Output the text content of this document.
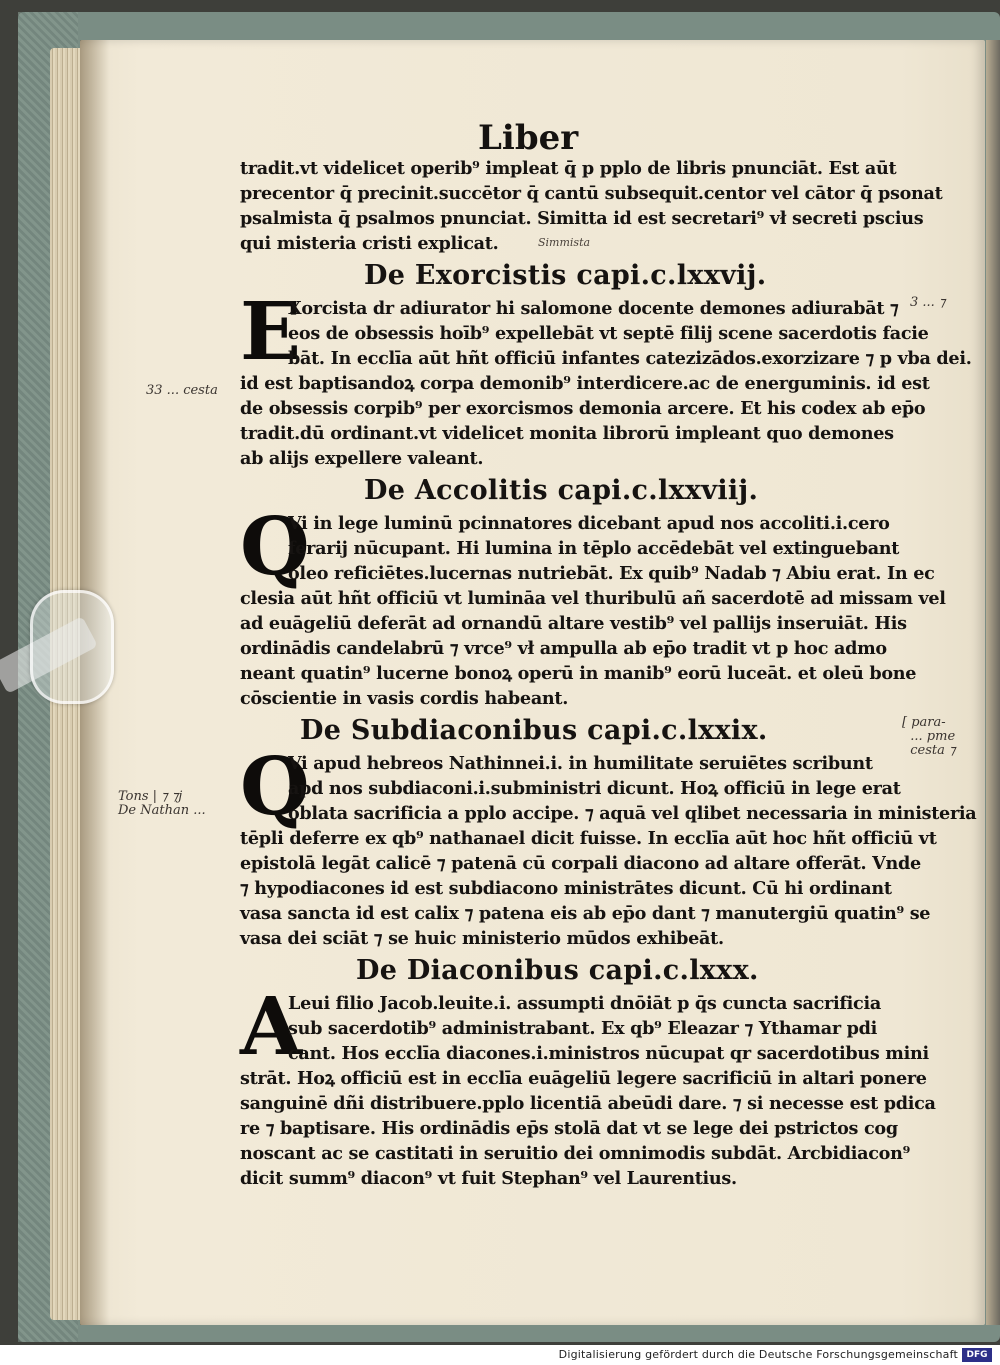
Liber
tradit.vt videlicet operib⁹ impleat q̄ p pplo de libris pnunciāt. Est aūt
precentor q̄ precinit.succētor q̄ cantū subsequit.centor vel cātor q̄ psonat
psalmista q̄ psalmos pnunciat. Simitta id est secretari⁹ vł secreti pscius
qui misteria cristi explicat.
De Exorcistis capi.c.lxxvij.
E
Xorcista dr adiurator hi salomone docente demones adiurabāt ⁊
eos de obsessis hoīb⁹ expellebāt vt septē filij scene sacerdotis facie
bāt. In ecclīa aūt hñt officiū infantes catezizādos.exorzizare ⁊ p vba dei.
id est baptisandoꝝ corpa demonib⁹ interdicere.ac de energuminis. id est
de obsessis corpib⁹ per exorcismos demonia arcere. Et his codex ab ep̄o
tradit.dū ordinant.vt videlicet monita librorū impleant quo demones
ab alijs expellere valeant.
De Accolitis capi.c.lxxviij.
Q
Vi in lege luminū pcinnatores dicebant apud nos accoliti.i.cero
ferarij nūcupant. Hi lumina in tēplo accēdebāt vel extinguebant
oleo reficiētes.lucernas nutriebāt. Ex quib⁹ Nadab ⁊ Abiu erat. In ec
clesia aūt hñt officiū vt lumināa vel thuribulū añ sacerdotē ad missam vel
ad euāgeliū deferāt ad ornandū altare vestib⁹ vel pallijs inseruiāt. His
ordinādis candelabrū ⁊ vrce⁹ vł ampulla ab ep̄o tradit vt p hoc admo
neant quatin⁹ lucerne bonoꝝ operū in manib⁹ eorū luceāt. et oleū bone
cōscientie in vasis cordis habeant.
De Subdiaconibus capi.c.lxxix.
Q
Vi apud hebreos Nathinnei.i. in humilitate seruiētes scribunt
apd nos subdiaconi.i.subministri dicunt. Hoꝝ officiū in lege erat
oblata sacrificia a pplo accipe. ⁊ aquā vel qlibet necessaria in ministeria
tēpli deferre ex qb⁹ nathanael dicit fuisse. In ecclīa aūt hoc hñt officiū vt
epistolā legāt calicē ⁊ patenā cū corpali diacono ad altare offerāt. Vnde
⁊ hypodiacones id est subdiacono ministrātes dicunt. Cū hi ordinant
vasa sancta id est calix ⁊ patena eis ab ep̄o dant ⁊ manutergiū quatin⁹ se
vasa dei sciāt ⁊ se huic ministerio mūdos exhibeāt.
De Diaconibus capi.c.lxxx.
A
Leui filio Jacob.leuite.i. assumpti dnōiāt p q̄s cuncta sacrificia
sub sacerdotib⁹ administrabant. Ex qb⁹ Eleazar ⁊ Ythamar pdi
cant. Hos ecclīa diacones.i.ministros nūcupat qr sacerdotibus mini
strāt. Hoꝝ officiū est in ecclīa euāgeliū legere sacrificiū in altari ponere
sanguinē dñi distribuere.pplo licentiā abeūdi dare. ⁊ si necesse est pdica
re ⁊ baptisare. His ordinādis ep̄s stolā dat vt se lege dei pstrictos cog
noscant ac se castitati in seruitio dei omnimodis subdāt. Arcbidiacon⁹
dicit summ⁹ diacon⁹ vt fuit Stephan⁹ vel Laurentius.
Simmista
3 ... ⁊
33 ... cesta
[ para-
... pme
cesta ⁊
Tons | ⁊ ⁊j
De Nathan ...
Digitalisierung gefördert durch die Deutsche Forschungsgemeinschaft DFG
